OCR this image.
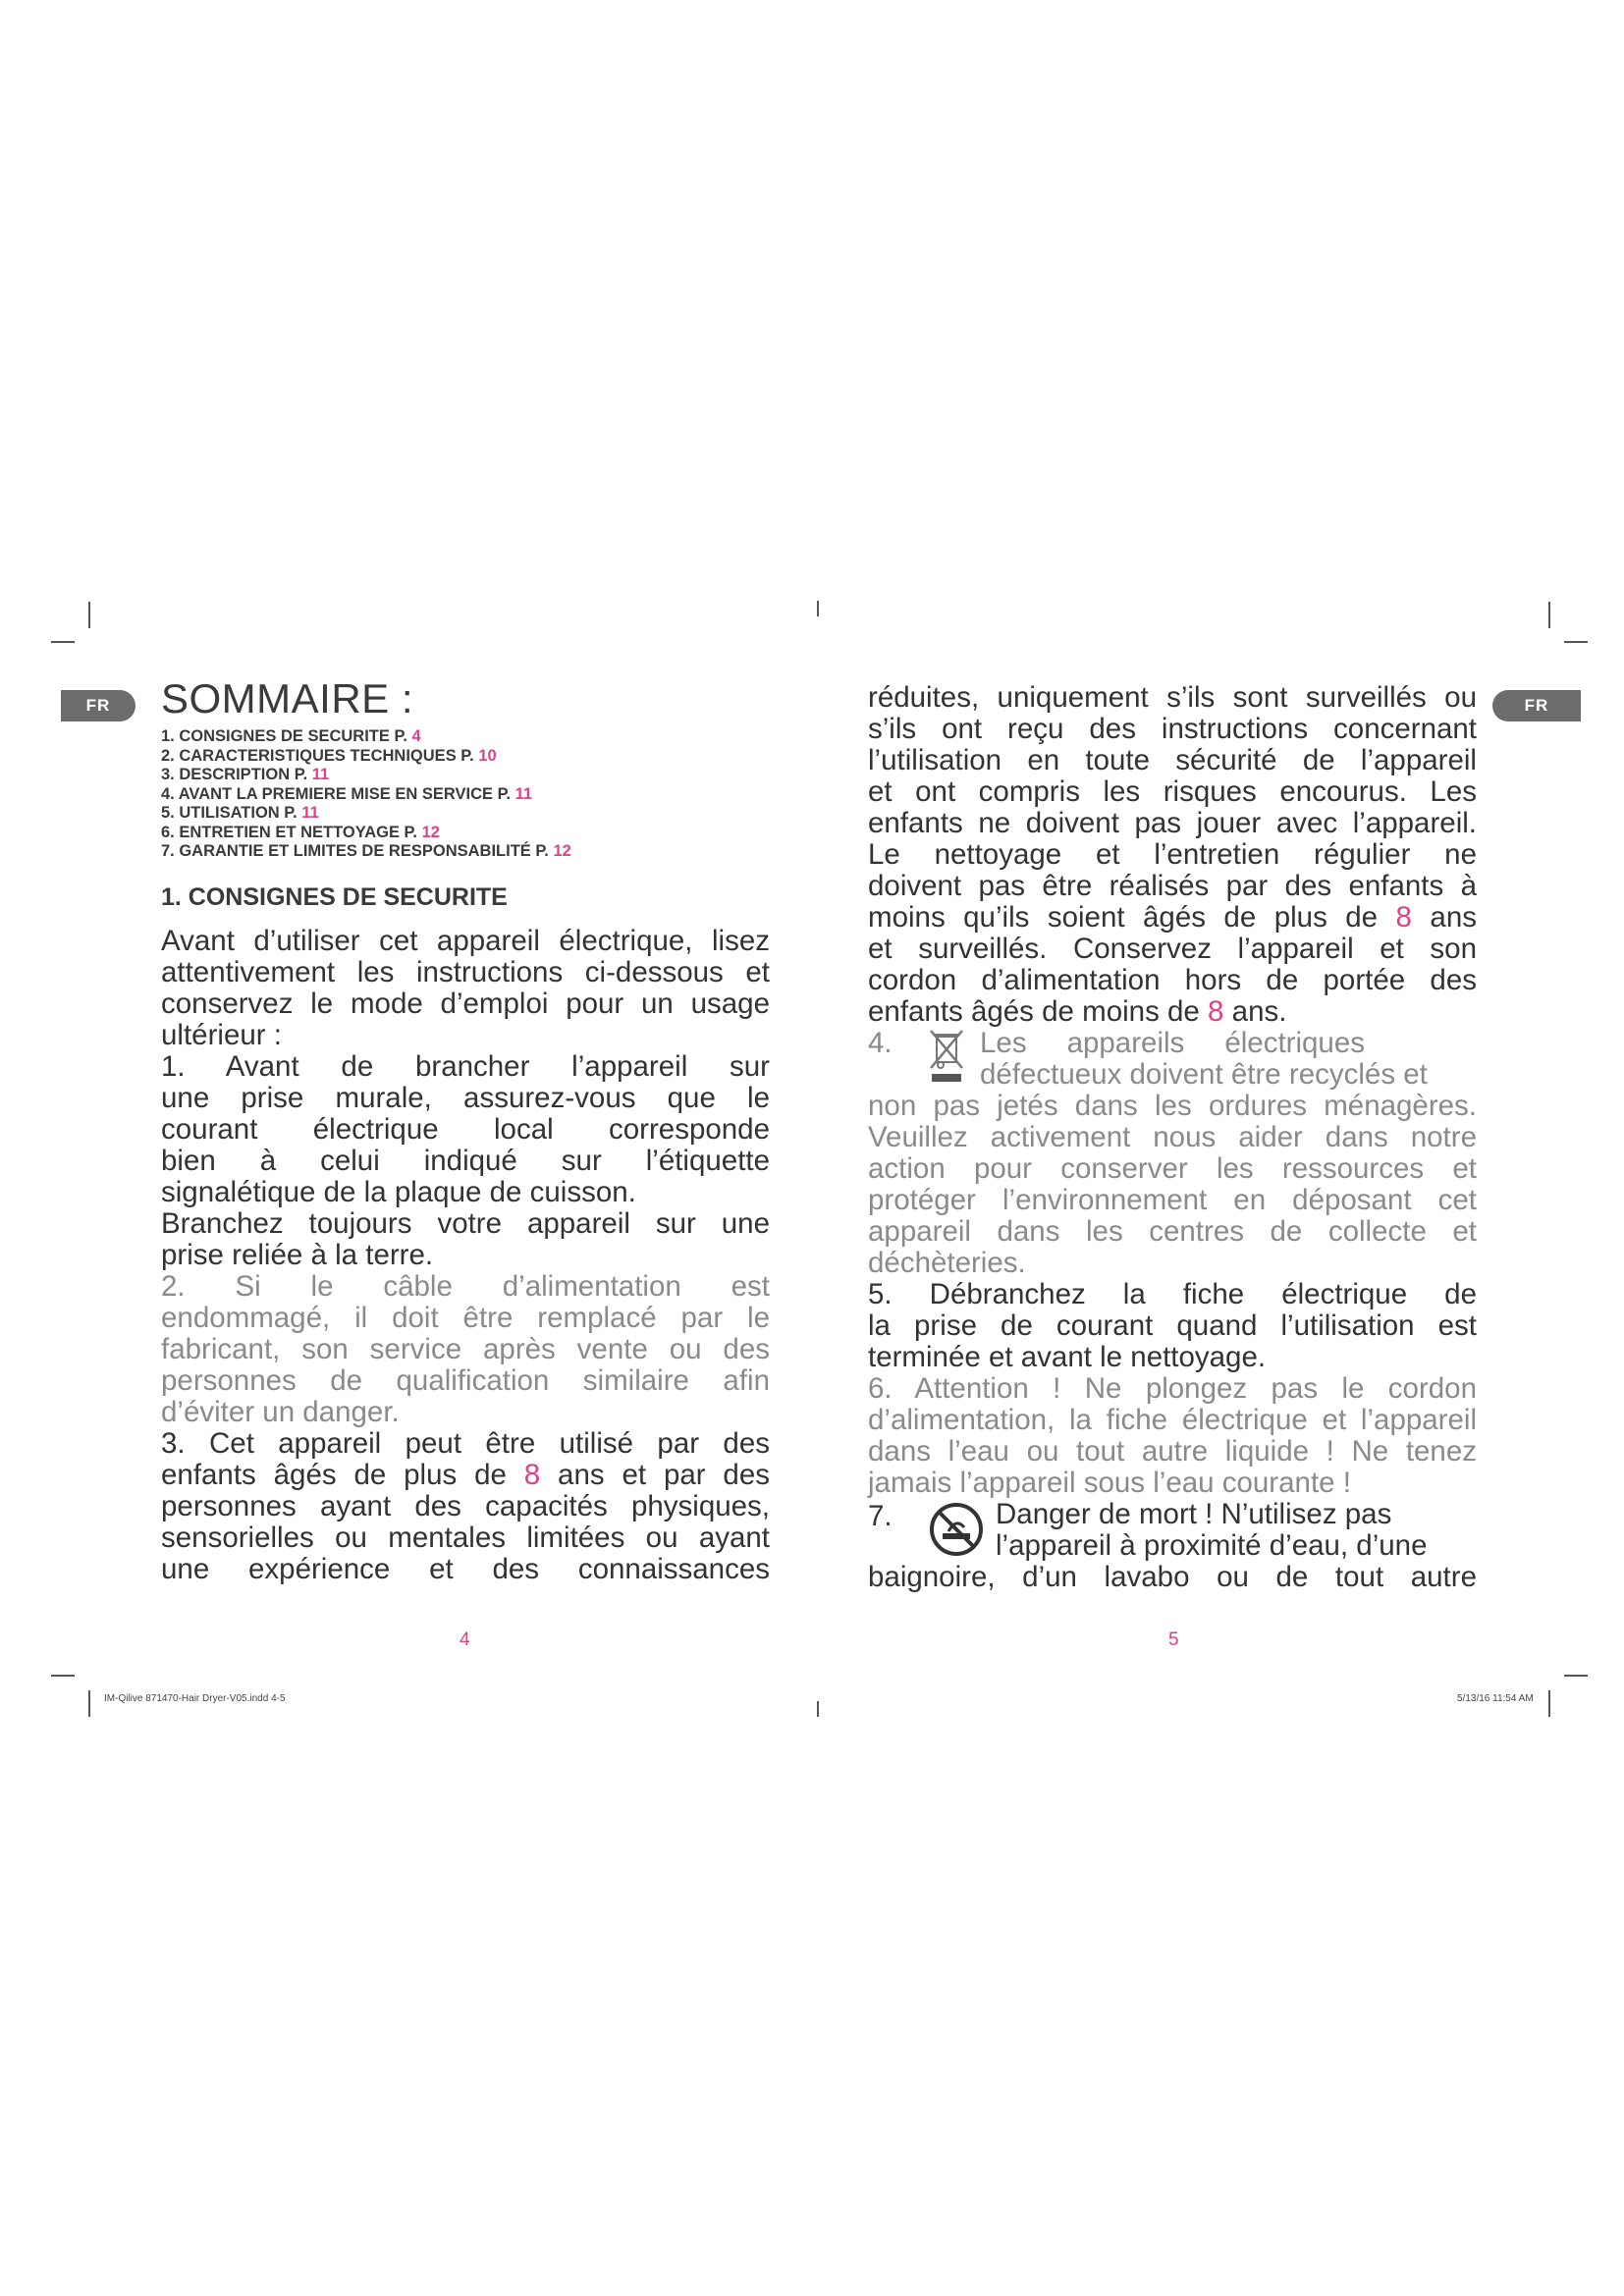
FR	FR
SOMMAIRE :
1. CONSIGNES DE SECURITE P. 4
2. CARACTERISTIQUES TECHNIQUES P. 10
3. DESCRIPTION P. 11
4. AVANT LA PREMIERE MISE EN SERVICE P. 11
5. UTILISATION P. 11
6. ENTRETIEN ET NETTOYAGE P. 12
7. GARANTIE ET LIMITES DE RESPONSABILITÉ P. 12
1. CONSIGNES DE SECURITE
Avant d’utiliser cet appareil électrique, lisez
attentivement les instructions ci-dessous et
conservez le mode d’emploi pour un usage
ultérieur :
1. Avant de brancher l’appareil sur
une prise murale, assurez-vous que le
courant électrique local corresponde
bien à celui indiqué sur l’étiquette
signalétique de la plaque de cuisson.
Branchez toujours votre appareil sur une
prise reliée à la terre.
2. Si le câble d’alimentation est
endommagé, il doit être remplacé par le
fabricant, son service après vente ou des
personnes de qualification similaire afin
d’éviter un danger.
3. Cet appareil peut être utilisé par des
enfants âgés de plus de 8 ans et par des
personnes ayant des capacités physiques,
sensorielles ou mentales limitées ou ayant
une expérience et des connaissances
4
réduites, uniquement s’ils sont surveillés ou
s’ils ont reçu des instructions concernant
l’utilisation en toute sécurité de l’appareil
et ont compris les risques encourus. Les
enfants ne doivent pas jouer avec l’appareil.
Le nettoyage et l’entretien régulier ne
doivent pas être réalisés par des enfants à
moins qu’ils soient âgés de plus de 8 ans
et surveillés. Conservez l’appareil et son
cordon d’alimentation hors de portée des
enfants âgés de moins de 8 ans.
4.	Les appareils électriques
défectueux doivent être recyclés et
non pas jetés dans les ordures ménagères.
Veuillez activement nous aider dans notre
action pour conserver les ressources et
protéger l’environnement en déposant cet
appareil dans les centres de collecte et
déchèteries.
5. Débranchez la fiche électrique de
la prise de courant quand l’utilisation est
terminée et avant le nettoyage.
6. Attention ! Ne plongez pas le cordon
d’alimentation, la fiche électrique et l’appareil
dans l’eau ou tout autre liquide ! Ne tenez
jamais l’appareil sous l’eau courante !
7.	Danger de mort ! N’utilisez pas
l’appareil à proximité d’eau, d’une
baignoire, d’un lavabo ou de tout autre
5
IM-Qilive 871470-Hair Dryer-V05.indd 4-5	5/13/16 11:54 AM
